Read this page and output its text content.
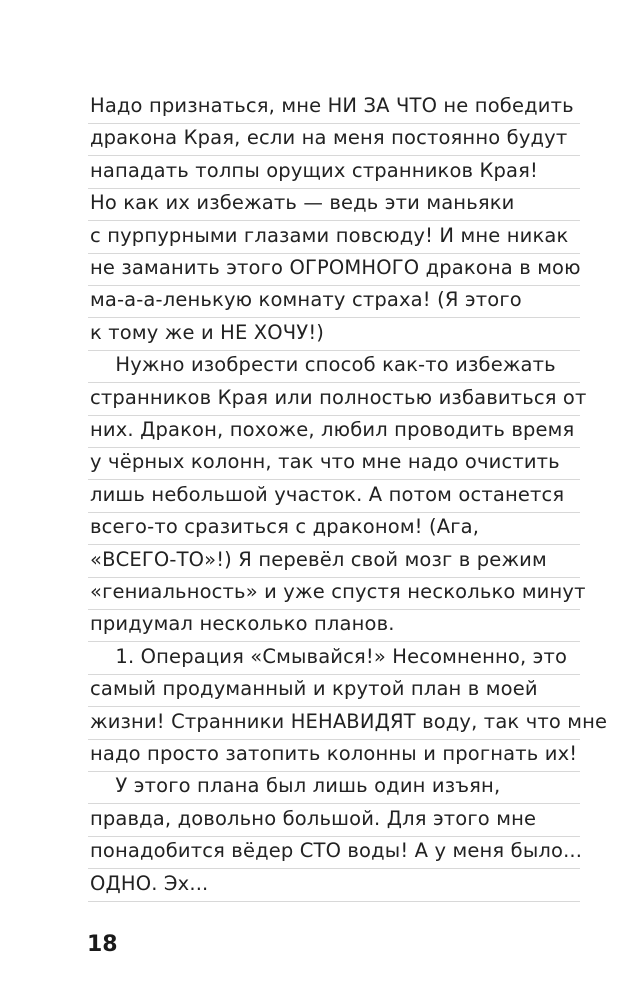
Надо признаться, мне НИ ЗА ЧТО не победить
дракона Края, если на меня постоянно будут
нападать толпы орущих странников Края!
Но как их избежать — ведь эти маньяки
с пурпурными глазами повсюду! И мне никак
не заманить этого ОГРОМНОГО дракона в мою
ма-а-а-ленькую комнату страха! (Я этого
к тому же и НЕ ХОЧУ!)
Нужно изобрести способ как-то избежать
странников Края или полностью избавиться от
них. Дракон, похоже, любил проводить время
у чёрных колонн, так что мне надо очистить
лишь небольшой участок. А потом останется
всего-то сразиться с драконом! (Ага,
«ВСЕГО-ТО»!) Я перевёл свой мозг в режим
«гениальность» и уже спустя несколько минут
придумал несколько планов.
1. Операция «Смывайся!» Несомненно, это
самый продуманный и крутой план в моей
жизни! Странники НЕНАВИДЯТ воду, так что мне
надо просто затопить колонны и прогнать их!
У этого плана был лишь один изъян,
правда, довольно большой. Для этого мне
понадобится вёдер СТО воды! А у меня было...
ОДНО. Эх...
18
